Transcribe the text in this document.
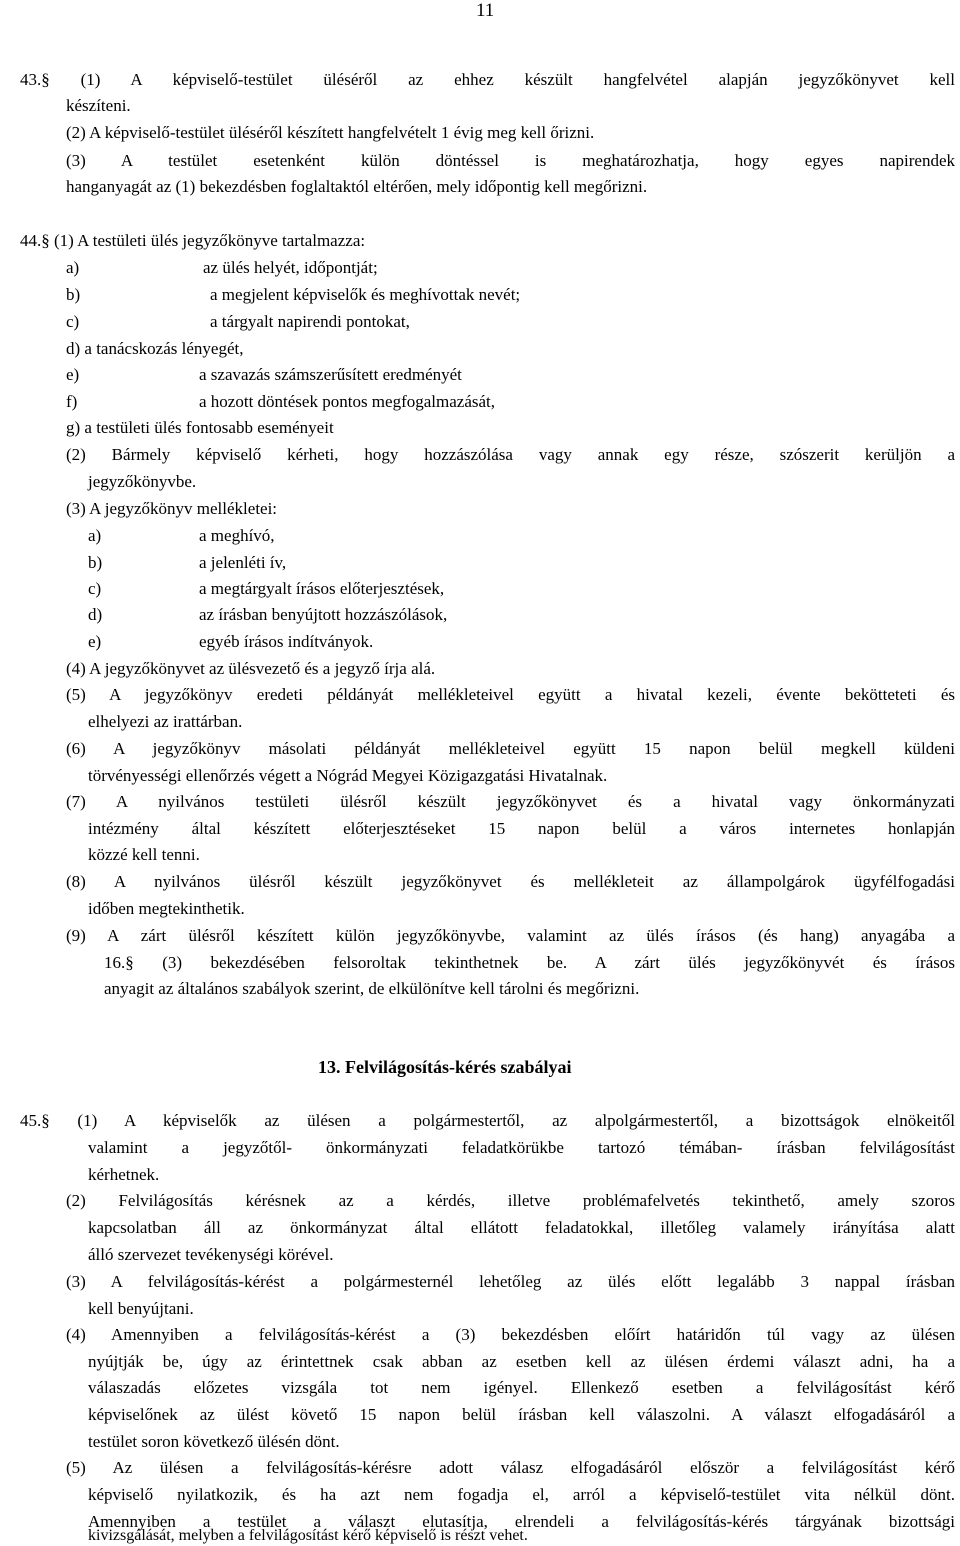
11
43.§ (1) A képviselő-testület üléséről az ehhez készült hangfelvétel alapján jegyzőkönyvet kell
készíteni.
(2) A képviselő-testület üléséről készített hangfelvételt 1 évig meg kell őrizni.
(3) A testület esetenként külön döntéssel is meghatározhatja, hogy egyes napirendek
hanganyagát az (1) bekezdésben foglaltaktól eltérően, mely időpontig kell megőrizni.
44.§ (1) A testületi ülés jegyzőkönyve tartalmazza:
a)	az ülés helyét, időpontját;
b)	a megjelent képviselők és meghívottak nevét;
c)	a tárgyalt napirendi pontokat,
d) a tanácskozás lényegét,
e)	a szavazás számszerűsített eredményét
f)	a hozott döntések pontos megfogalmazását,
g) a testületi ülés fontosabb eseményeit
(2) Bármely képviselő kérheti, hogy hozzászólása vagy annak egy része, szószerit kerüljön a
jegyzőkönyvbe.
(3) A jegyzőkönyv mellékletei:
a)	a meghívó,
b)	a jelenléti ív,
c)	a megtárgyalt írásos előterjesztések,
d)	az írásban benyújtott hozzászólások,
e)	egyéb írásos indítványok.
(4) A jegyzőkönyvet az ülésvezető és a jegyző írja alá.
(5) A jegyzőkönyv eredeti példányát mellékleteivel együtt a hivatal kezeli, évente bekötteteti és
elhelyezi az irattárban.
(6) A jegyzőkönyv másolati példányát mellékleteivel együtt 15 napon belül megkell küldeni
törvényességi ellenőrzés végett a Nógrád Megyei Közigazgatási Hivatalnak.
(7) A nyilvános testületi ülésről készült jegyzőkönyvet és a hivatal vagy önkormányzati
intézmény által készített előterjesztéseket 15 napon belül a város internetes honlapján
közzé kell tenni.
(8) A nyilvános ülésről készült jegyzőkönyvet és mellékleteit az állampolgárok ügyfélfogadási
időben megtekinthetik.
(9) A zárt ülésről készített külön jegyzőkönyvbe, valamint az ülés írásos (és hang) anyagába a
16.§ (3) bekezdésében felsoroltak tekinthetnek be. A zárt ülés jegyzőkönyvét és írásos
anyagit az általános szabályok szerint, de elkülönítve kell tárolni és megőrizni.
13. Felvilágosítás-kérés szabályai
45.§ (1) A képviselők az ülésen a polgármestertől, az alpolgármestertől, a bizottságok elnökeitől
valamint a jegyzőtől- önkormányzati feladatkörükbe tartozó témában- írásban felvilágosítást
kérhetnek.
(2) Felvilágosítás kérésnek az a kérdés, illetve problémafelvetés tekinthető, amely szoros
kapcsolatban áll az önkormányzat által ellátott feladatokkal, illetőleg valamely irányítása alatt
álló szervezet tevékenységi körével.
(3) A felvilágosítás-kérést a polgármesternél lehetőleg az ülés előtt legalább 3 nappal írásban
kell benyújtani.
(4) Amennyiben a felvilágosítás-kérést a (3) bekezdésben előírt határidőn túl vagy az ülésen
nyújtják be, úgy az érintettnek csak abban az esetben kell az ülésen érdemi választ adni, ha a
válaszadás előzetes vizsgála tot nem igényel. Ellenkező esetben a felvilágosítást kérő
képviselőnek az ülést követő 15 napon belül írásban kell válaszolni. A választ elfogadásáról a
testület soron következő ülésén dönt.
(5) Az ülésen a felvilágosítás-kérésre adott válasz elfogadásáról először a felvilágosítást kérő
képviselő nyilatkozik, és ha azt nem fogadja el, arról a képviselő-testület vita nélkül dönt.
Amennyiben a testület a választ elutasítja, elrendeli a felvilágosítás-kérés tárgyának bizottsági
kivizsgálását, melyben a felvilágosítást kérő képviselő is részt vehet.
